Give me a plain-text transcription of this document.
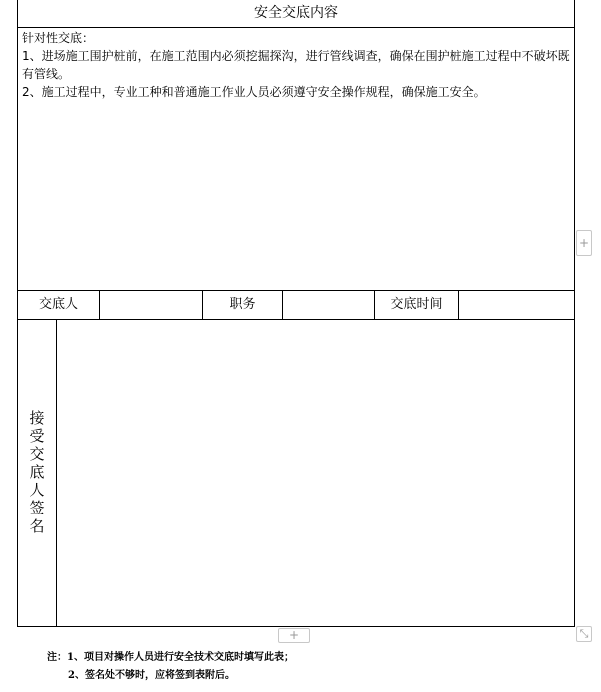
安全交底内容
针对性交底：
1、进场施工围护桩前，在施工范围内必须挖掘探沟，进行管线调查，确保在围护桩施工过程中不破坏既有管线。
2、施工过程中，专业工种和普通施工作业人员必须遵守安全操作规程，确保施工安全。
交底人	职务	交底时间
接受交底人签名
+
+	⤡
注：1、项目对操作人员进行安全技术交底时填写此表；
2、签名处不够时，应将签到表附后。
